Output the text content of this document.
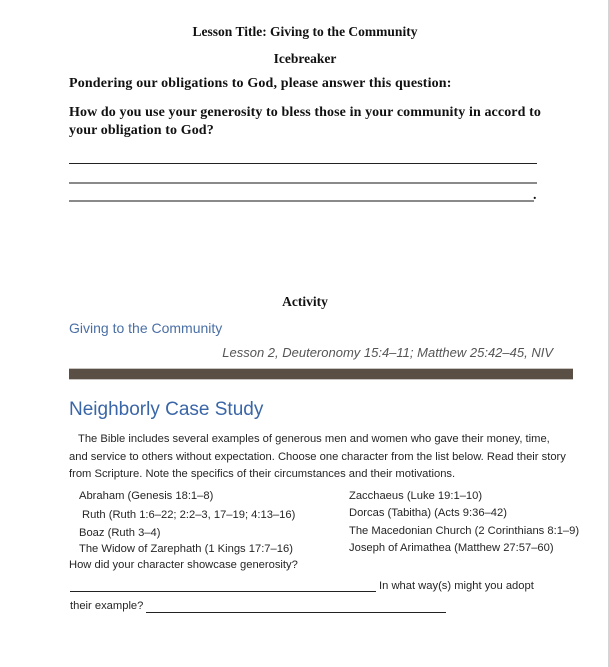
Lesson Title: Giving to the Community
Icebreaker
Pondering our obligations to God, please answer this question:
How do you use your generosity to bless those in your community in accord to your obligation to God?
.
Activity
Giving to the Community
Lesson 2, Deuteronomy 15:4–11; Matthew 25:42–45, NIV
Neighborly Case Study
The Bible includes several examples of generous men and women who gave their money, time, and service to others without expectation. Choose one character from the list below. Read their story from Scripture. Note the specifics of their circumstances and their motivations.
Abraham (Genesis 18:1–8)
Ruth (Ruth 1:6–22; 2:2–3, 17–19; 4:13–16)
Boaz (Ruth 3–4)
The Widow of Zarephath (1 Kings 17:7–16)
Zacchaeus (Luke 19:1–10)
Dorcas (Tabitha) (Acts 9:36–42)
The Macedonian Church (2 Corinthians 8:1–9)
Joseph of Arimathea (Matthew 27:57–60)
How did your character showcase generosity?
In what way(s) might you adopt
their example?
